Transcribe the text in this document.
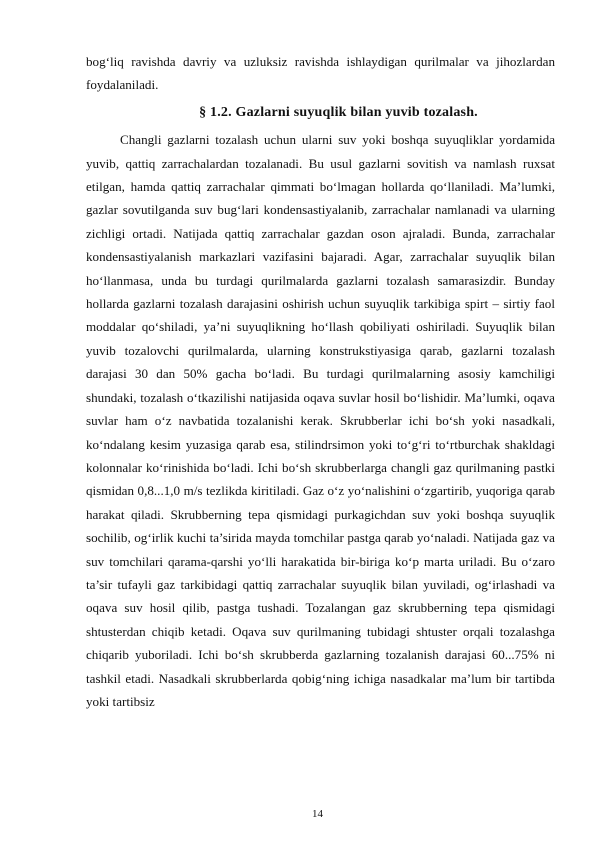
bog‘liq ravishda davriy va uzluksiz ravishda ishlaydigan qurilmalar va jihozlardan foydalaniladi.

§ 1.2. Gazlarni suyuqlik bilan yuvib tozalash.

Changli gazlarni tozalash uchun ularni suv yoki boshqa suyuqliklar yordamida yuvib, qattiq zarrachalardan tozalanadi. Bu usul gazlarni sovitish va namlash ruxsat etilgan, hamda qattiq zarrachalar qimmati bo‘lmagan hollarda qo‘llaniladi. Ma’lumki, gazlar sovutilganda suv bug‘lari kondensastiyalanib, zarrachalar namlanadi va ularning zichligi ortadi. Natijada qattiq zarrachalar gazdan oson ajraladi. Bunda, zarrachalar kondensastiyalanish markazlari vazifasini bajaradi. Agar, zarrachalar suyuqlik bilan ho‘llanmasa, unda bu turdagi qurilmalarda gazlarni tozalash samarasizdir. Bunday hollarda gazlarni tozalash darajasini oshirish uchun suyuqlik tarkibiga spirt – sirtiy faol moddalar qo‘shiladi, ya’ni suyuqlikning ho‘llash qobiliyati oshiriladi. Suyuqlik bilan yuvib tozalovchi qurilmalarda, ularning konstrukstiyasiga qarab, gazlarni tozalash darajasi 30 dan 50% gacha bo‘ladi. Bu turdagi qurilmalarning asosiy kamchiligi shundaki, tozalash o‘tkazilishi natijasida oqava suvlar hosil bo‘lishidir. Ma’lumki, oqava suvlar ham o‘z navbatida tozalanishi kerak. Skrubberlar ichi bo‘sh yoki nasadkali, ko‘ndalang kesim yuzasiga qarab esa, stilindrsimon yoki to‘g‘ri to‘rtburchak shakldagi kolonnalar ko‘rinishida bo‘ladi. Ichi bo‘sh skrubberlarga changli gaz qurilmaning pastki qismidan 0,8...1,0 m/s tezlikda kiritiladi. Gaz o‘z yo‘nalishini o‘zgartirib, yuqoriga qarab harakat qiladi. Skrubberning tepa qismidagi purkagichdan suv yoki boshqa suyuqlik sochilib, og‘irlik kuchi ta’sirida mayda tomchilar pastga qarab yo‘naladi. Natijada gaz va suv tomchilari qarama-qarshi yo‘lli harakatida bir-biriga ko‘p marta uriladi. Bu o‘zaro ta’sir tufayli gaz tarkibidagi qattiq zarrachalar suyuqlik bilan yuviladi, og‘irlashadi va oqava suv hosil qilib, pastga tushadi. Tozalangan gaz skrubberning tepa qismidagi shtusterdan chiqib ketadi. Oqava suv qurilmaning tubidagi shtuster orqali tozalashga chiqarib yuboriladi. Ichi bo‘sh skrubberda gazlarning tozalanish darajasi 60...75% ni tashkil etadi. Nasadkali skrubberlarda qobig‘ning ichiga nasadkalar ma’lum bir tartibda yoki tartibsiz

14
